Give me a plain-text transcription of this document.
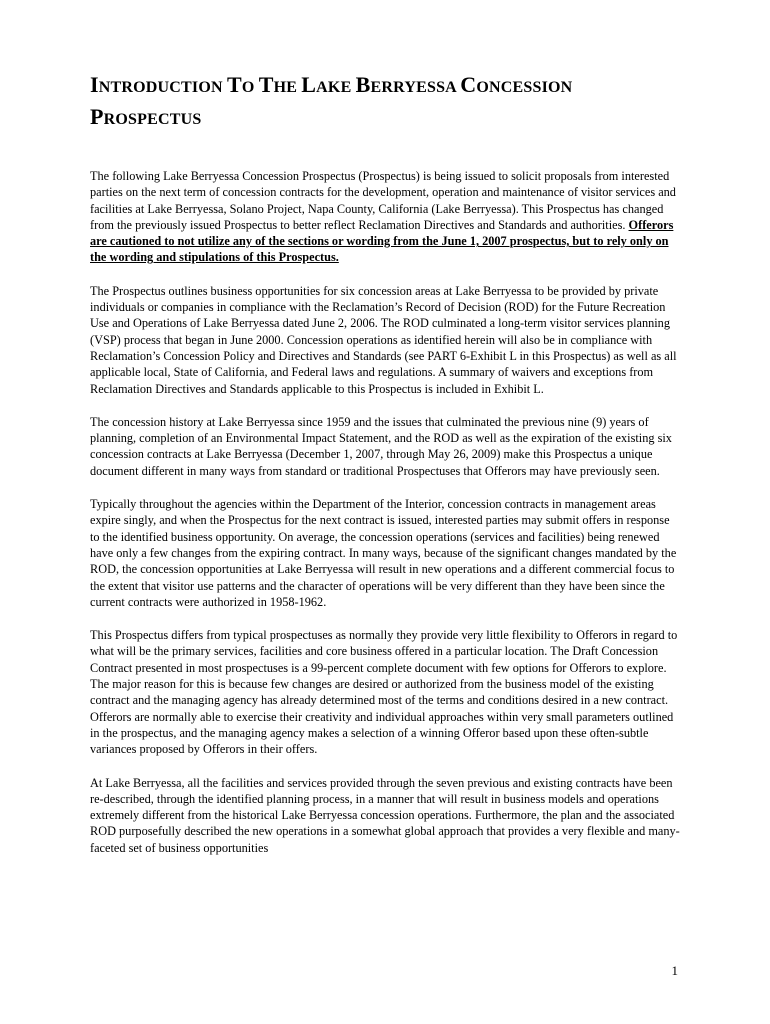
INTRODUCTION TO THE LAKE BERRYESSA CONCESSION PROSPECTUS

The following Lake Berryessa Concession Prospectus (Prospectus) is being issued to solicit proposals from interested parties on the next term of concession contracts for the development, operation and maintenance of visitor services and facilities at Lake Berryessa, Solano Project, Napa County, California (Lake Berryessa). This Prospectus has changed from the previously issued Prospectus to better reflect Reclamation Directives and Standards and authorities. Offerors are cautioned to not utilize any of the sections or wording from the June 1, 2007 prospectus, but to rely only on the wording and stipulations of this Prospectus.

The Prospectus outlines business opportunities for six concession areas at Lake Berryessa to be provided by private individuals or companies in compliance with the Reclamation’s Record of Decision (ROD) for the Future Recreation Use and Operations of Lake Berryessa dated June 2, 2006. The ROD culminated a long-term visitor services planning (VSP) process that began in June 2000. Concession operations as identified herein will also be in compliance with Reclamation’s Concession Policy and Directives and Standards (see PART 6-Exhibit L in this Prospectus) as well as all applicable local, State of California, and Federal laws and regulations. A summary of waivers and exceptions from Reclamation Directives and Standards applicable to this Prospectus is included in Exhibit L.

The concession history at Lake Berryessa since 1959 and the issues that culminated the previous nine (9) years of planning, completion of an Environmental Impact Statement, and the ROD as well as the expiration of the existing six concession contracts at Lake Berryessa (December 1, 2007, through May 26, 2009) make this Prospectus a unique document different in many ways from standard or traditional Prospectuses that Offerors may have previously seen.

Typically throughout the agencies within the Department of the Interior, concession contracts in management areas expire singly, and when the Prospectus for the next contract is issued, interested parties may submit offers in response to the identified business opportunity. On average, the concession operations (services and facilities) being renewed have only a few changes from the expiring contract. In many ways, because of the significant changes mandated by the ROD, the concession opportunities at Lake Berryessa will result in new operations and a different commercial focus to the extent that visitor use patterns and the character of operations will be very different than they have been since the current contracts were authorized in 1958-1962.

This Prospectus differs from typical prospectuses as normally they provide very little flexibility to Offerors in regard to what will be the primary services, facilities and core business offered in a particular location. The Draft Concession Contract presented in most prospectuses is a 99-percent complete document with few options for Offerors to explore. The major reason for this is because few changes are desired or authorized from the business model of the existing contract and the managing agency has already determined most of the terms and conditions desired in a new contract. Offerors are normally able to exercise their creativity and individual approaches within very small parameters outlined in the prospectus, and the managing agency makes a selection of a winning Offeror based upon these often-subtle variances proposed by Offerors in their offers.

At Lake Berryessa, all the facilities and services provided through the seven previous and existing contracts have been re-described, through the identified planning process, in a manner that will result in business models and operations extremely different from the historical Lake Berryessa concession operations. Furthermore, the plan and the associated ROD purposefully described the new operations in a somewhat global approach that provides a very flexible and many-faceted set of business opportunities

1
